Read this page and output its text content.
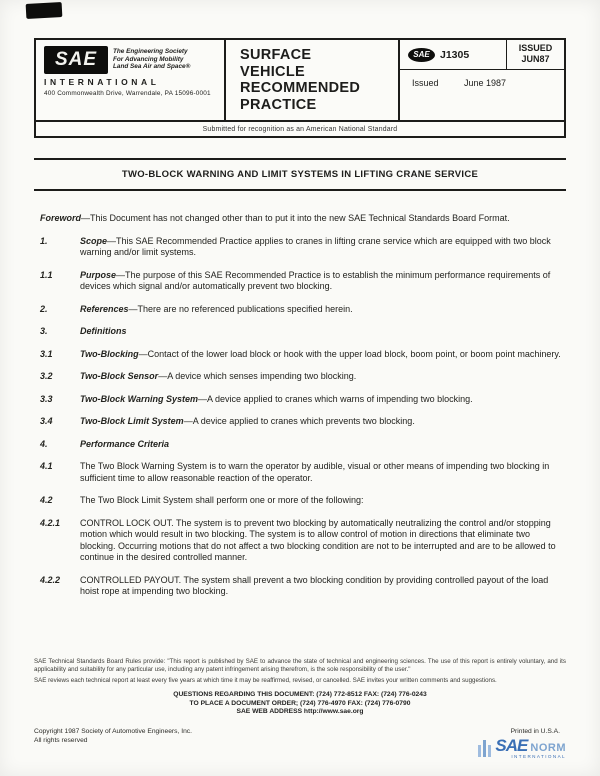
SAE The Engineering Society
For Advancing Mobility
Land Sea Air and Space®
INTERNATIONAL
400 Commonwealth Drive, Warrendale, PA 15096-0001
SURFACE
VEHICLE
RECOMMENDED
PRACTICE
SAE J1305
ISSUED
JUN87
Issued	June 1987
Submitted for recognition as an American National Standard
TWO-BLOCK WARNING AND LIMIT SYSTEMS IN LIFTING CRANE SERVICE

Foreword—This Document has not changed other than to put it into the new SAE Technical Standards Board Format.

1.	Scope—This SAE Recommended Practice applies to cranes in lifting crane service which are equipped with two block warning and/or limit systems.

1.1	Purpose—The purpose of this SAE Recommended Practice is to establish the minimum performance requirements of devices which signal and/or automatically prevent two blocking.

2.	References—There are no referenced publications specified herein.

3.	Definitions

3.1	Two-Blocking—Contact of the lower load block or hook with the upper load block, boom point, or boom point machinery.

3.2	Two-Block Sensor—A device which senses impending two blocking.

3.3	Two-Block Warning System—A device applied to cranes which warns of impending two blocking.

3.4	Two-Block Limit System—A device applied to cranes which prevents two blocking.

4.	Performance Criteria

4.1	The Two Block Warning System is to warn the operator by audible, visual or other means of impending two blocking in sufficient time to allow reasonable reaction of the operator.

4.2	The Two Block Limit System shall perform one or more of the following:

4.2.1 CONTROL LOCK OUT. The system is to prevent two blocking by automatically neutralizing the control and/or stopping motion which would result in two blocking. The system is to allow control of motion in directions that eliminate two blocking. Occurring motions that do not affect a two blocking condition are not to be interrupted and are to be allowed to continue in the desired controlled manner.

4.2.2 CONTROLLED PAYOUT. The system shall prevent a two blocking condition by providing controlled payout of the load hoist rope at impending two blocking.

SAE Technical Standards Board Rules provide: "This report is published by SAE to advance the state of technical and engineering sciences. The use of this report is entirely voluntary, and its applicability and suitability for any particular use, including any patent infringement arising therefrom, is the sole responsibility of the user."

SAE reviews each technical report at least every five years at which time it may be reaffirmed, revised, or cancelled. SAE invites your written comments and suggestions.

QUESTIONS REGARDING THIS DOCUMENT: (724) 772-8512 FAX: (724) 776-0243
TO PLACE A DOCUMENT ORDER; (724) 776-4970 FAX: (724) 776-0790
SAE WEB ADDRESS http://www.sae.org
Copyright 1987 Society of Automotive Engineers, Inc.
All rights reserved
Printed in U.S.A.
‖ SAE NORM
INTERNATIONAL
